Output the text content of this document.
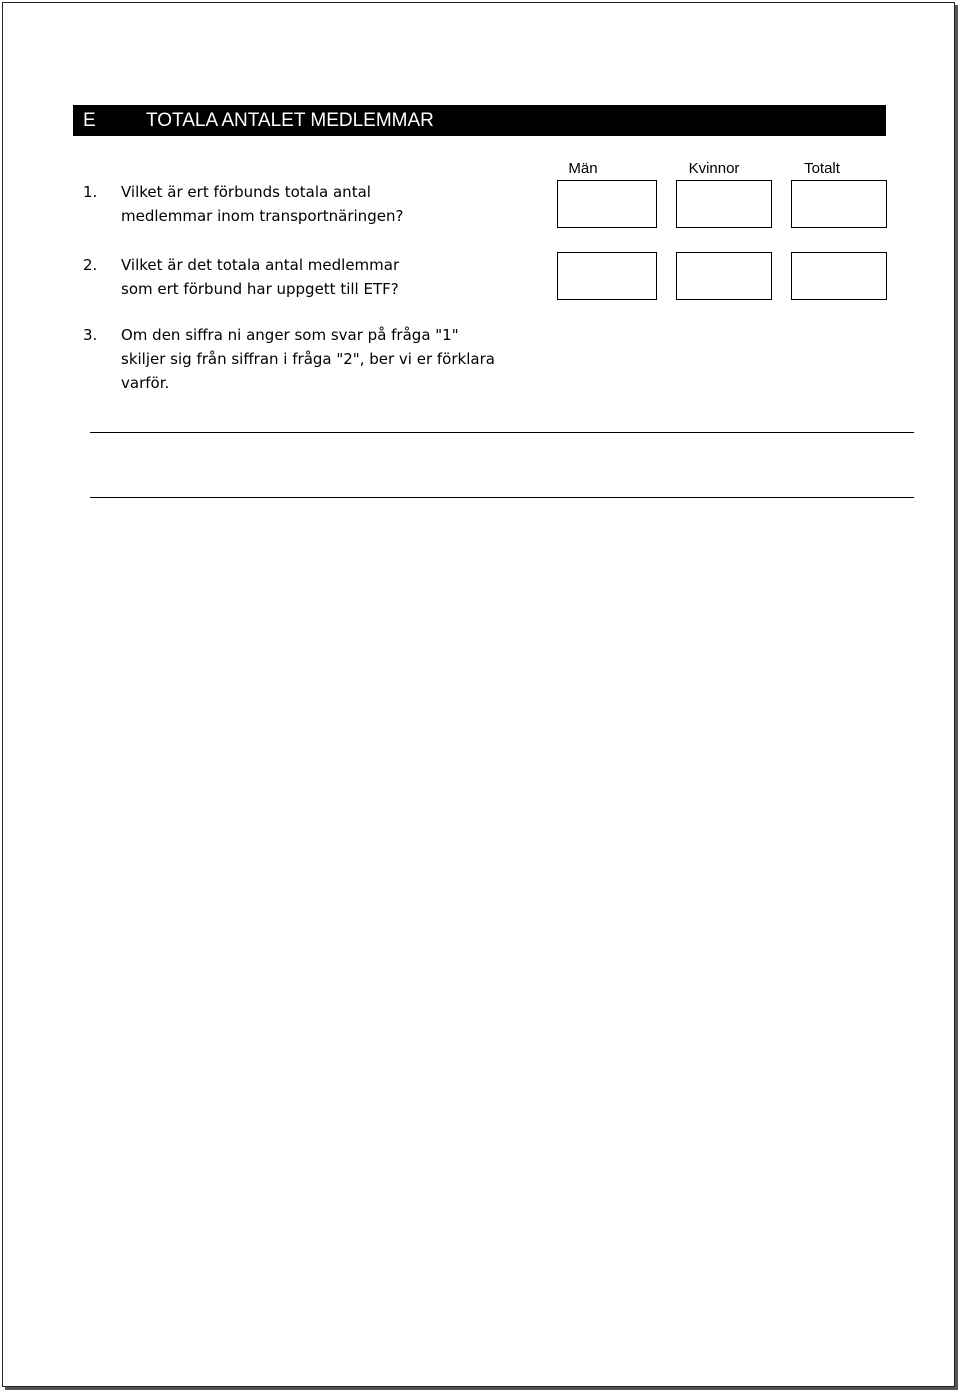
E	TOTALA ANTALET MEDLEMMAR
Män	Kvinnor	Totalt
1. Vilket är ert förbunds totala antal
medlemmar inom transportnäringen?
2. Vilket är det totala antal medlemmar
som ert förbund har uppgett till ETF?
3. Om den siffra ni anger som svar på fråga "1"
skiljer sig från siffran i fråga "2", ber vi er förklara
varför.
